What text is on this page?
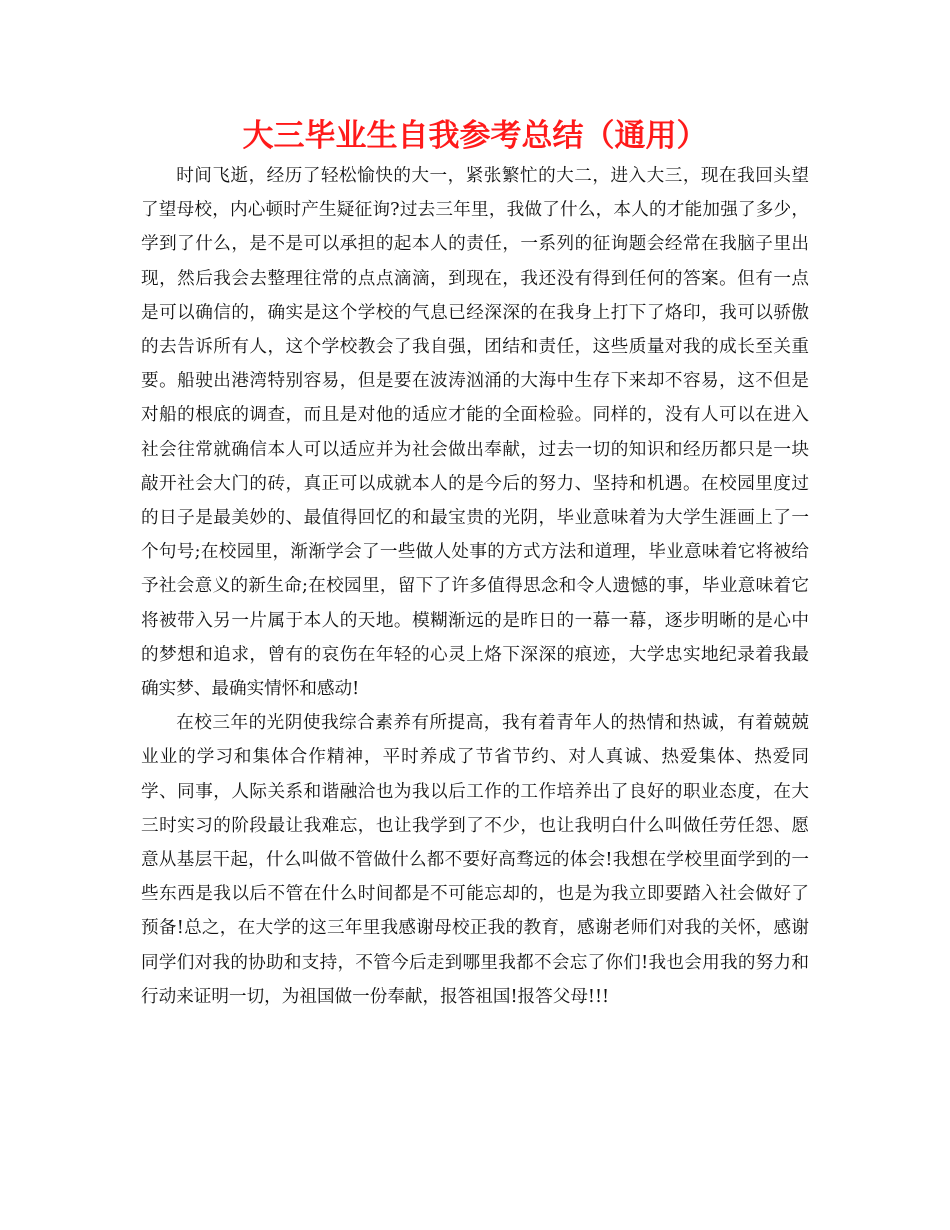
大三毕业生自我参考总结（通用）

时间飞逝，经历了轻松愉快的大一，紧张繁忙的大二，进入大三，现在我回头望了望母校，内心顿时产生疑征询?过去三年里，我做了什么，本人的才能加强了多少，学到了什么，是不是可以承担的起本人的责任，一系列的征询题会经常在我脑子里出现，然后我会去整理往常的点点滴滴，到现在，我还没有得到任何的答案。但有一点是可以确信的，确实是这个学校的气息已经深深的在我身上打下了烙印，我可以骄傲的去告诉所有人，这个学校教会了我自强，团结和责任，这些质量对我的成长至关重要。船驶出港湾特别容易，但是要在波涛汹涌的大海中生存下来却不容易，这不但是对船的根底的调查，而且是对他的适应才能的全面检验。同样的，没有人可以在进入社会往常就确信本人可以适应并为社会做出奉献，过去一切的知识和经历都只是一块敲开社会大门的砖，真正可以成就本人的是今后的努力、坚持和机遇。在校园里度过的日子是最美妙的、最值得回忆的和最宝贵的光阴，毕业意味着为大学生涯画上了一个句号;在校园里，渐渐学会了一些做人处事的方式方法和道理，毕业意味着它将被给予社会意义的新生命;在校园里，留下了许多值得思念和令人遗憾的事，毕业意味着它将被带入另一片属于本人的天地。模糊渐远的是昨日的一幕一幕，逐步明晰的是心中的梦想和追求，曾有的哀伤在年轻的心灵上烙下深深的痕迹，大学忠实地纪录着我最确实梦、最确实情怀和感动!

在校三年的光阴使我综合素养有所提高，我有着青年人的热情和热诚，有着兢兢业业的学习和集体合作精神，平时养成了节省节约、对人真诚、热爱集体、热爱同学、同事，人际关系和谐融洽也为我以后工作的工作培养出了良好的职业态度，在大三时实习的阶段最让我难忘，也让我学到了不少，也让我明白什么叫做任劳任怨、愿意从基层干起，什么叫做不管做什么都不要好高骛远的体会!我想在学校里面学到的一些东西是我以后不管在什么时间都是不可能忘却的，也是为我立即要踏入社会做好了预备!总之，在大学的这三年里我感谢母校正我的教育，感谢老师们对我的关怀，感谢同学们对我的协助和支持，不管今后走到哪里我都不会忘了你们!我也会用我的努力和行动来证明一切，为祖国做一份奉献，报答祖国!报答父母!!!
